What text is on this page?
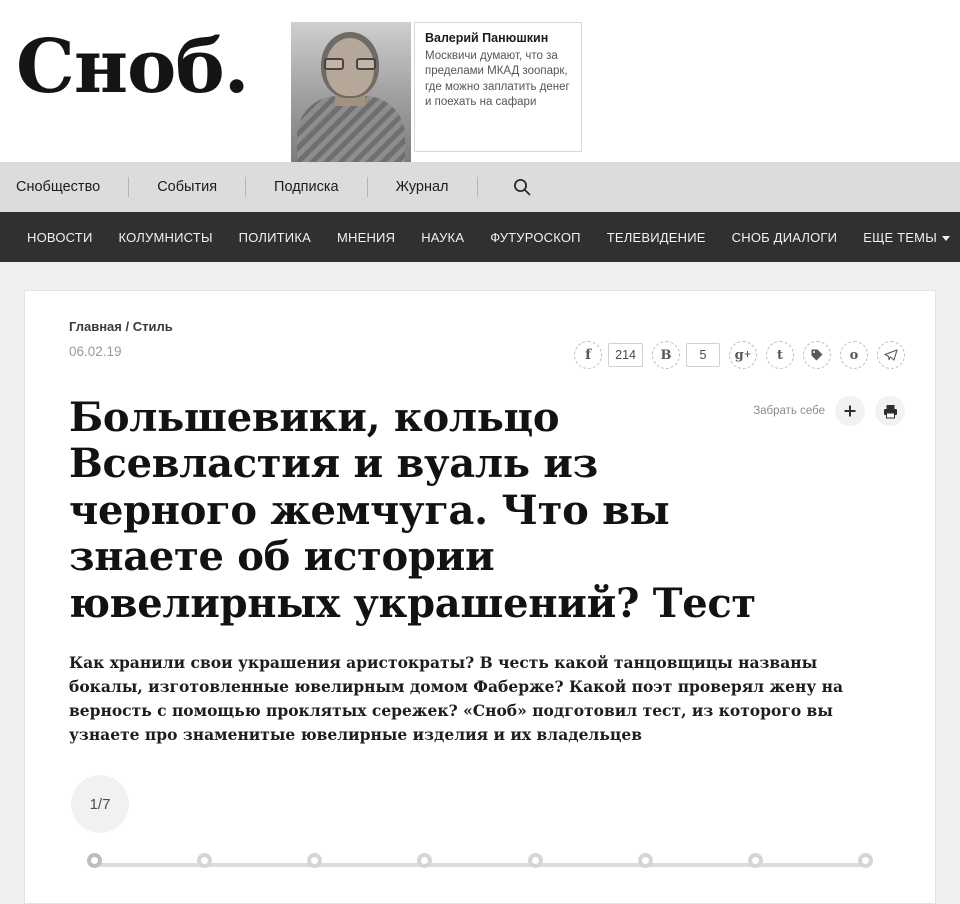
Сноб.	Валерий Панюшкин
Москвичи думают, что за пределами МКАД зоопарк, где можно заплатить денег и поехать на сафари
Снобщество	События	Подписка	Журнал
НОВОСТИ	КОЛУМНИСТЫ	ПОЛИТИКА	МНЕНИЯ	НАУКА	ФУТУРОСКОП	ТЕЛЕВИДЕНИЕ	СНОБ ДИАЛОГИ	ЕЩЕ ТЕМЫ
Главная / Стиль
06.02.19	f	214	B	5	g +	t	o
Забрать себе
Большевики, кольцо Всевластия и вуаль из черного жемчуга. Что вы знаете об истории ювелирных украшений? Тест
Как хранили свои украшения аристократы? В честь какой танцовщицы названы бокалы, изготовленные ювелирным домом Фаберже? Какой поэт проверял жену на верность с помощью проклятых сережек? «Сноб» подготовил тест, из которого вы узнаете про знаменитые ювелирные изделия и их владельцев
1/7
